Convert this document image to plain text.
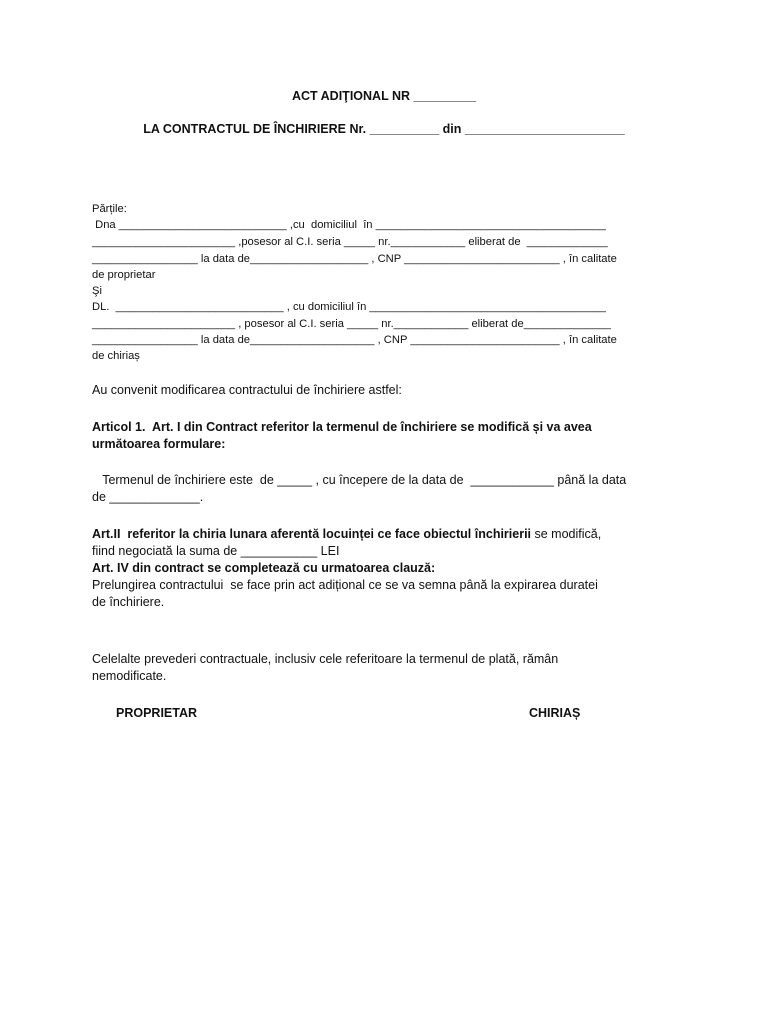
ACT ADIŢIONAL NR _________
LA CONTRACTUL DE ÎNCHIRIERE Nr. __________ din _______________________
Părțile:
Dna ___________________________ ,cu  domiciliul  în _____________________________________
_______________________ ,posesor al C.I. seria _____ nr.____________ eliberat de  _____________
_________________ la data de___________________ , CNP _________________________ , în calitate
de proprietar
Şi
DL.  ___________________________ , cu domiciliul în ______________________________________
_______________________ , posesor al C.I. seria _____ nr.____________ eliberat de______________
_________________ la data de____________________ , CNP ________________________ , în calitate
de chiriaș
Au convenit modificarea contractului de închiriere astfel:
Articol 1.  Art. I din Contract referitor la termenul de închiriere se modifică și va avea
următoarea formulare:
Termenul de închiriere este  de _____ , cu începere de la data de  ____________ până la data
de _____________.
Art.II  referitor la chiria lunara aferentă locuinței ce face obiectul închirierii se modifică,
fiind negociată la suma de ___________ LEI
Art. IV din contract se completează cu urmatoarea clauză:
Prelungirea contractului  se face prin act adițional ce se va semna până la expirarea duratei
de închiriere.
Celelalte prevederi contractuale, inclusiv cele referitoare la termenul de plată, rămân
nemodificate.
PROPRIETAR	CHIRIAȘ
